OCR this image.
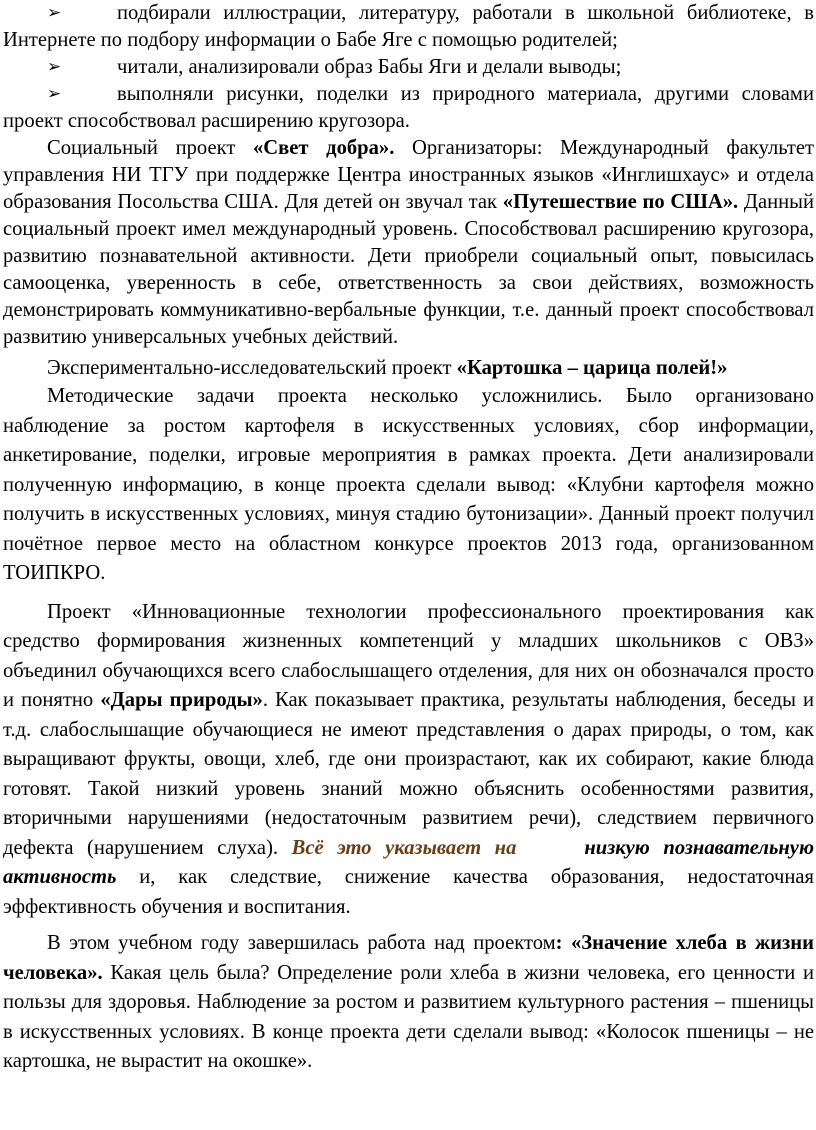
➢	подбирали иллюстрации, литературу, работали в школьной библиотеке, в Интернете по подбору информации о Бабе Яге с помощью родителей;

➢	читали, анализировали образ Бабы Яги и делали выводы;

➢	выполняли рисунки, поделки из природного материала, другими словами проект способствовал расширению кругозора.

Социальный проект «Свет добра». Организаторы: Международный факультет управления НИ ТГУ при поддержке Центра иностранных языков «Инглишхаус» и отдела образования Посольства США. Для детей он звучал так «Путешествие по США». Данный социальный проект имел международный уровень. Способствовал расширению кругозора, развитию познавательной активности. Дети приобрели социальный опыт, повысилась самооценка, уверенность в себе, ответственность за свои действиях, возможность демонстрировать коммуникативно-вербальные функции, т.е. данный проект способствовал развитию универсальных учебных действий.

Экспериментально-исследовательский проект «Картошка – царица полей!»

Методические задачи проекта несколько усложнились. Было организовано наблюдение за ростом картофеля в искусственных условиях, сбор информации, анкетирование, поделки, игровые мероприятия в рамках проекта. Дети анализировали полученную информацию, в конце проекта сделали вывод: «Клубни картофеля можно получить в искусственных условиях, минуя стадию бутонизации». Данный проект получил почётное первое место на областном конкурсе проектов 2013 года, организованном ТОИПКРО.

Проект «Инновационные технологии профессионального проектирования как средство формирования жизненных компетенций у младших школьников с ОВЗ» объединил обучающихся всего слабослышащего отделения, для них он обозначался просто и понятно «Дары природы». Как показывает практика, результаты наблюдения, беседы и т.д. слабослышащие обучающиеся не имеют представления о дарах природы, о том, как выращивают фрукты, овощи, хлеб, где они произрастают, как их собирают, какие блюда готовят. Такой низкий уровень знаний можно объяснить особенностями развития, вторичными нарушениями (недостаточным развитием речи), следствием первичного дефекта (нарушением слуха). Всё это указывает на	низкую познавательную активность и, как следствие, снижение качества образования, недостаточная эффективность обучения и воспитания.

В этом учебном году завершилась работа над проектом: «Значение хлеба в жизни человека». Какая цель была? Определение роли хлеба в жизни человека, его ценности и пользы для здоровья. Наблюдение за ростом и развитием культурного растения – пшеницы в искусственных условиях. В конце проекта дети сделали вывод: «Колосок пшеницы – не картошка, не вырастит на окошке».
